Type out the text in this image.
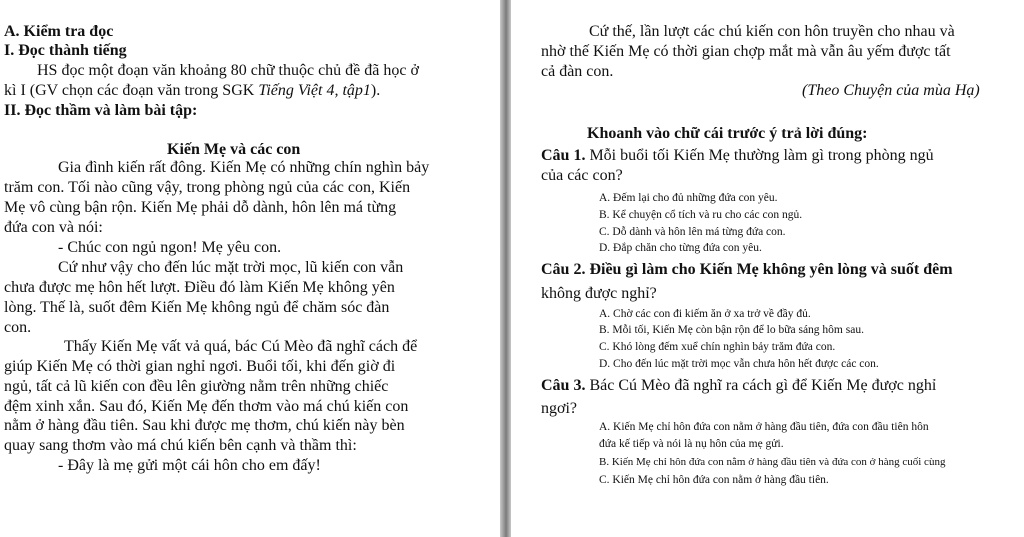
A. Kiểm tra đọc
I. Đọc thành tiếng
HS đọc một đoạn văn khoảng 80 chữ thuộc chủ đề đã học ở
kì I (GV chọn các đoạn văn trong SGK Tiếng Việt 4, tập1).
II. Đọc thầm và làm bài tập:
Kiến Mẹ và các con
Gia đình kiến rất đông. Kiến Mẹ có những chín nghìn bảy
trăm con. Tối nào cũng vậy, trong phòng ngủ của các con, Kiến
Mẹ vô cùng bận rộn. Kiến Mẹ phải dỗ dành, hôn lên má từng
đứa con và nói:
- Chúc con ngủ ngon! Mẹ yêu con.
Cứ như vậy cho đến lúc mặt trời mọc, lũ kiến con vẫn
chưa được mẹ hôn hết lượt. Điều đó làm Kiến Mẹ không yên
lòng. Thế là, suốt đêm Kiến Mẹ không ngủ để chăm sóc đàn
con.
Thấy Kiến Mẹ vất vả quá, bác Cú Mèo đã nghĩ cách để
giúp Kiến Mẹ có thời gian nghỉ ngơi. Buổi tối, khi đến giờ đi
ngủ, tất cả lũ kiến con đều lên giường nằm trên những chiếc
đệm xinh xắn. Sau đó, Kiến Mẹ đến thơm vào má chú kiến con
nằm ở hàng đầu tiên. Sau khi được mẹ thơm, chú kiến này bèn
quay sang thơm vào má chú kiến bên cạnh và thầm thì:
- Đây là mẹ gửi một cái hôn cho em đấy!
Cứ thế, lần lượt các chú kiến con hôn truyền cho nhau và
nhờ thế Kiến Mẹ có thời gian chợp mắt mà vẫn âu yếm được tất
cả đàn con.
(Theo Chuyện của mùa Hạ)
Khoanh vào chữ cái trước ý trả lời đúng:
Câu 1. Mỗi buổi tối Kiến Mẹ thường làm gì trong phòng ngủ
của các con?
A. Đếm lại cho đủ những đứa con yêu.
B. Kể chuyện cổ tích và ru cho các con ngủ.
C. Dỗ dành và hôn lên má từng đứa con.
D. Đắp chăn cho từng đứa con yêu.
Câu 2. Điều gì làm cho Kiến Mẹ không yên lòng và suốt đêm
không được nghỉ?
A. Chờ các con đi kiếm ăn ở xa trở về đầy đủ.
B. Mỗi tối, Kiến Mẹ còn bận rộn để lo bữa sáng hôm sau.
C. Khó lòng đếm xuể chín nghìn bảy trăm đứa con.
D. Cho đến lúc mặt trời mọc vẫn chưa hôn hết được các con.
Câu 3. Bác Cú Mèo đã nghĩ ra cách gì để Kiến Mẹ được nghỉ
ngơi?
A. Kiến Mẹ chỉ hôn đứa con nằm ở hàng đầu tiên, đứa con đầu tiên hôn
đứa kế tiếp và nói là nụ hôn của mẹ gửi.
B. Kiến Mẹ chỉ hôn đứa con nằm ở hàng đầu tiên và đứa con ở hàng cuối cùng
C. Kiến Mẹ chỉ hôn đứa con nằm ở hàng đầu tiên.
